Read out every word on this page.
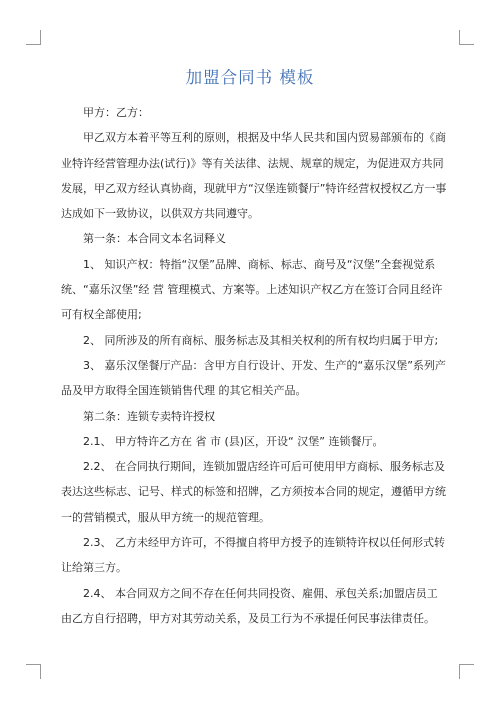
加盟合同书 模板

甲方：乙方：

甲乙双方本着平等互利的原则，根据及中华人民共和国内贸易部颁布的《商业特许经营管理办法(试行)》等有关法律、法规、规章的规定，为促进双方共同发展，甲乙双方经认真协商，现就甲方“汉堡连锁餐厅”特许经营权授权乙方一事达成如下一致协议，以供双方共同遵守。

第一条：本合同文本名词释义

1、 知识产权：特指“汉堡”品牌、商标、标志、商号及“汉堡”全套视觉系统、“嘉乐汉堡”经 营 管理模式、方案等。上述知识产权乙方在签订合同且经许可有权全部使用;

2、 同所涉及的所有商标、服务标志及其相关权利的所有权均归属于甲方;

3、 嘉乐汉堡餐厅产品：含甲方自行设计、开发、生产的“嘉乐汉堡”系列产品及甲方取得全国连锁销售代理 的其它相关产品。

第二条：连锁专卖特许授权

2.1、 甲方特许乙方在 省 市 (县)区，开设“ 汉堡” 连锁餐厅。

2.2、 在合同执行期间，连锁加盟店经许可后可使用甲方商标、服务标志及表达这些标志、记号、样式的标签和招牌，乙方须按本合同的规定，遵循甲方统一的营销模式，服从甲方统一的规范管理。

2.3、 乙方未经甲方许可，不得擅自将甲方授予的连锁特许权以任何形式转让给第三方。

2.4、 本合同双方之间不存在任何共同投资、雇佣、承包关系;加盟店员工由乙方自行招聘，甲方对其劳动关系，及员工行为不承提任何民事法律责任。
